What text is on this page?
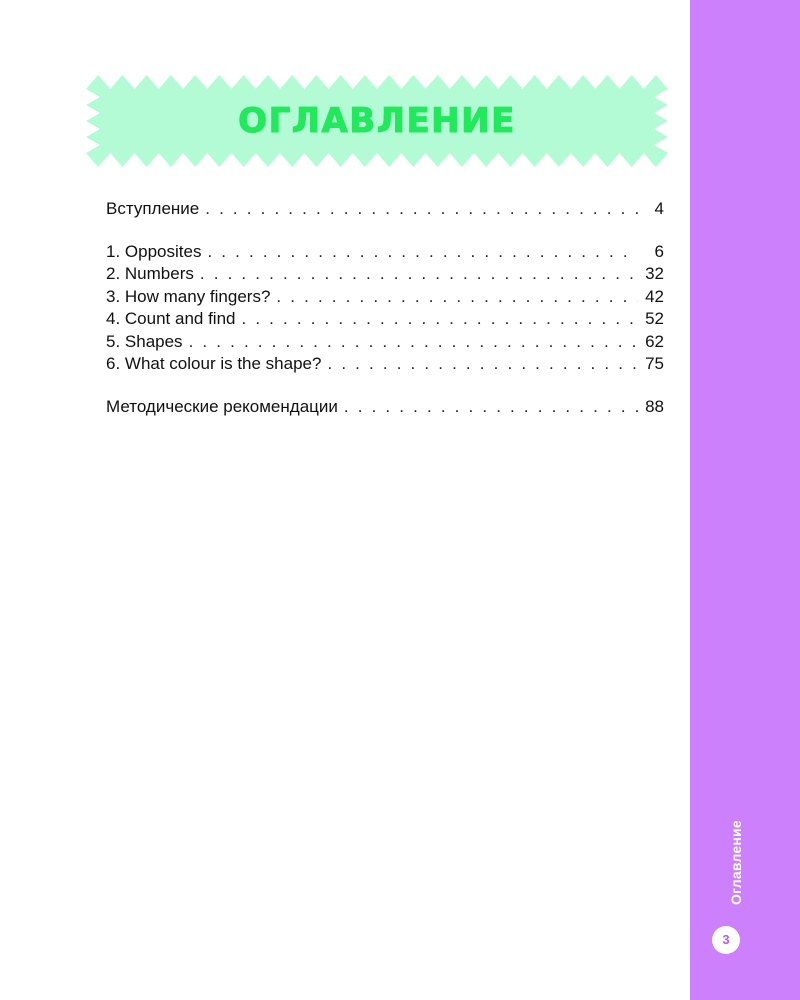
ОГЛАВЛЕНИЕ
Вступление . . .	4
1. Opposites . . .	6
2. Numbers . . .	32
3. How many fingers? . . .	42
4. Count and find . . .	52
5. Shapes . . .	62
6. What colour is the shape? . . .	75
Методические рекомендации . . .	88
Оглавление
3
